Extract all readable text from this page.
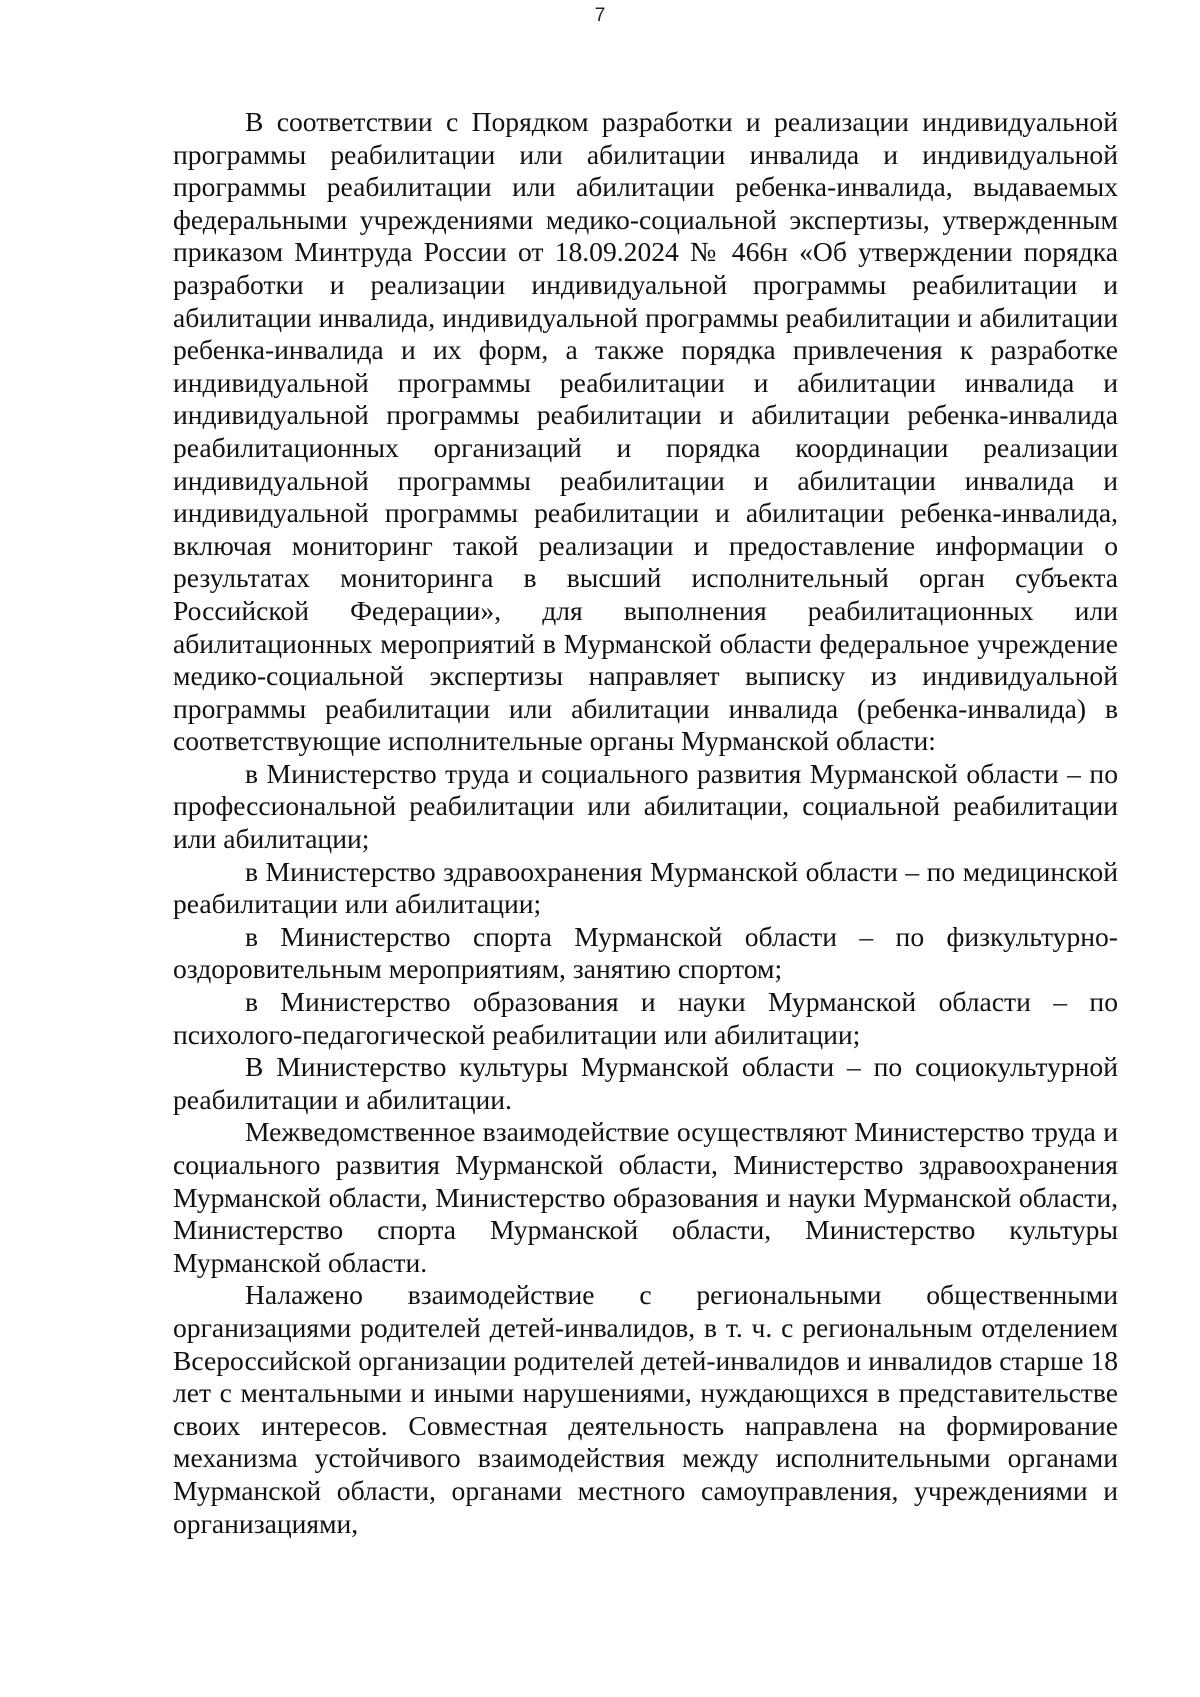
7

В соответствии с Порядком разработки и реализации индивидуальной программы реабилитации или абилитации инвалида и индивидуальной программы реабилитации или абилитации ребенка-инвалида, выдаваемых федеральными учреждениями медико-социальной экспертизы, утвержденным приказом Минтруда России от 18.09.2024 № 466н «Об утверждении порядка разработки и реализации индивидуальной программы реабилитации и абилитации инвалида, индивидуальной программы реабилитации и абилитации ребенка-инвалида и их форм, а также порядка привлечения к разработке индивидуальной программы реабилитации и абилитации инвалида и индивидуальной программы реабилитации и абилитации ребенка-инвалида реабилитационных организаций и порядка координации реализации индивидуальной программы реабилитации и абилитации инвалида и индивидуальной программы реабилитации и абилитации ребенка-инвалида, включая мониторинг такой реализации и предоставление информации о результатах мониторинга в высший исполнительный орган субъекта Российской Федерации», для выполнения реабилитационных или абилитационных мероприятий в Мурманской области федеральное учреждение медико-социальной экспертизы направляет выписку из индивидуальной программы реабилитации или абилитации инвалида (ребенка-инвалида) в соответствующие исполнительные органы Мурманской области:

в Министерство труда и социального развития Мурманской области – по профессиональной реабилитации или абилитации, социальной реабилитации или абилитации;

в Министерство здравоохранения Мурманской области – по медицинской реабилитации или абилитации;

в Министерство спорта Мурманской области – по физкультурно-оздоровительным мероприятиям, занятию спортом;

в Министерство образования и науки Мурманской области – по психолого-педагогической реабилитации или абилитации;

В Министерство культуры Мурманской области – по социокультурной реабилитации и абилитации.

Межведомственное взаимодействие осуществляют Министерство труда и социального развития Мурманской области, Министерство здравоохранения Мурманской области, Министерство образования и науки Мурманской области, Министерство спорта Мурманской области, Министерство культуры Мурманской области.

Налажено взаимодействие с региональными общественными организациями родителей детей-инвалидов, в т. ч. с региональным отделением Всероссийской организации родителей детей-инвалидов и инвалидов старше 18 лет с ментальными и иными нарушениями, нуждающихся в представительстве своих интересов. Совместная деятельность направлена на формирование механизма устойчивого взаимодействия между исполнительными органами Мурманской области, органами местного самоуправления, учреждениями и организациями,
